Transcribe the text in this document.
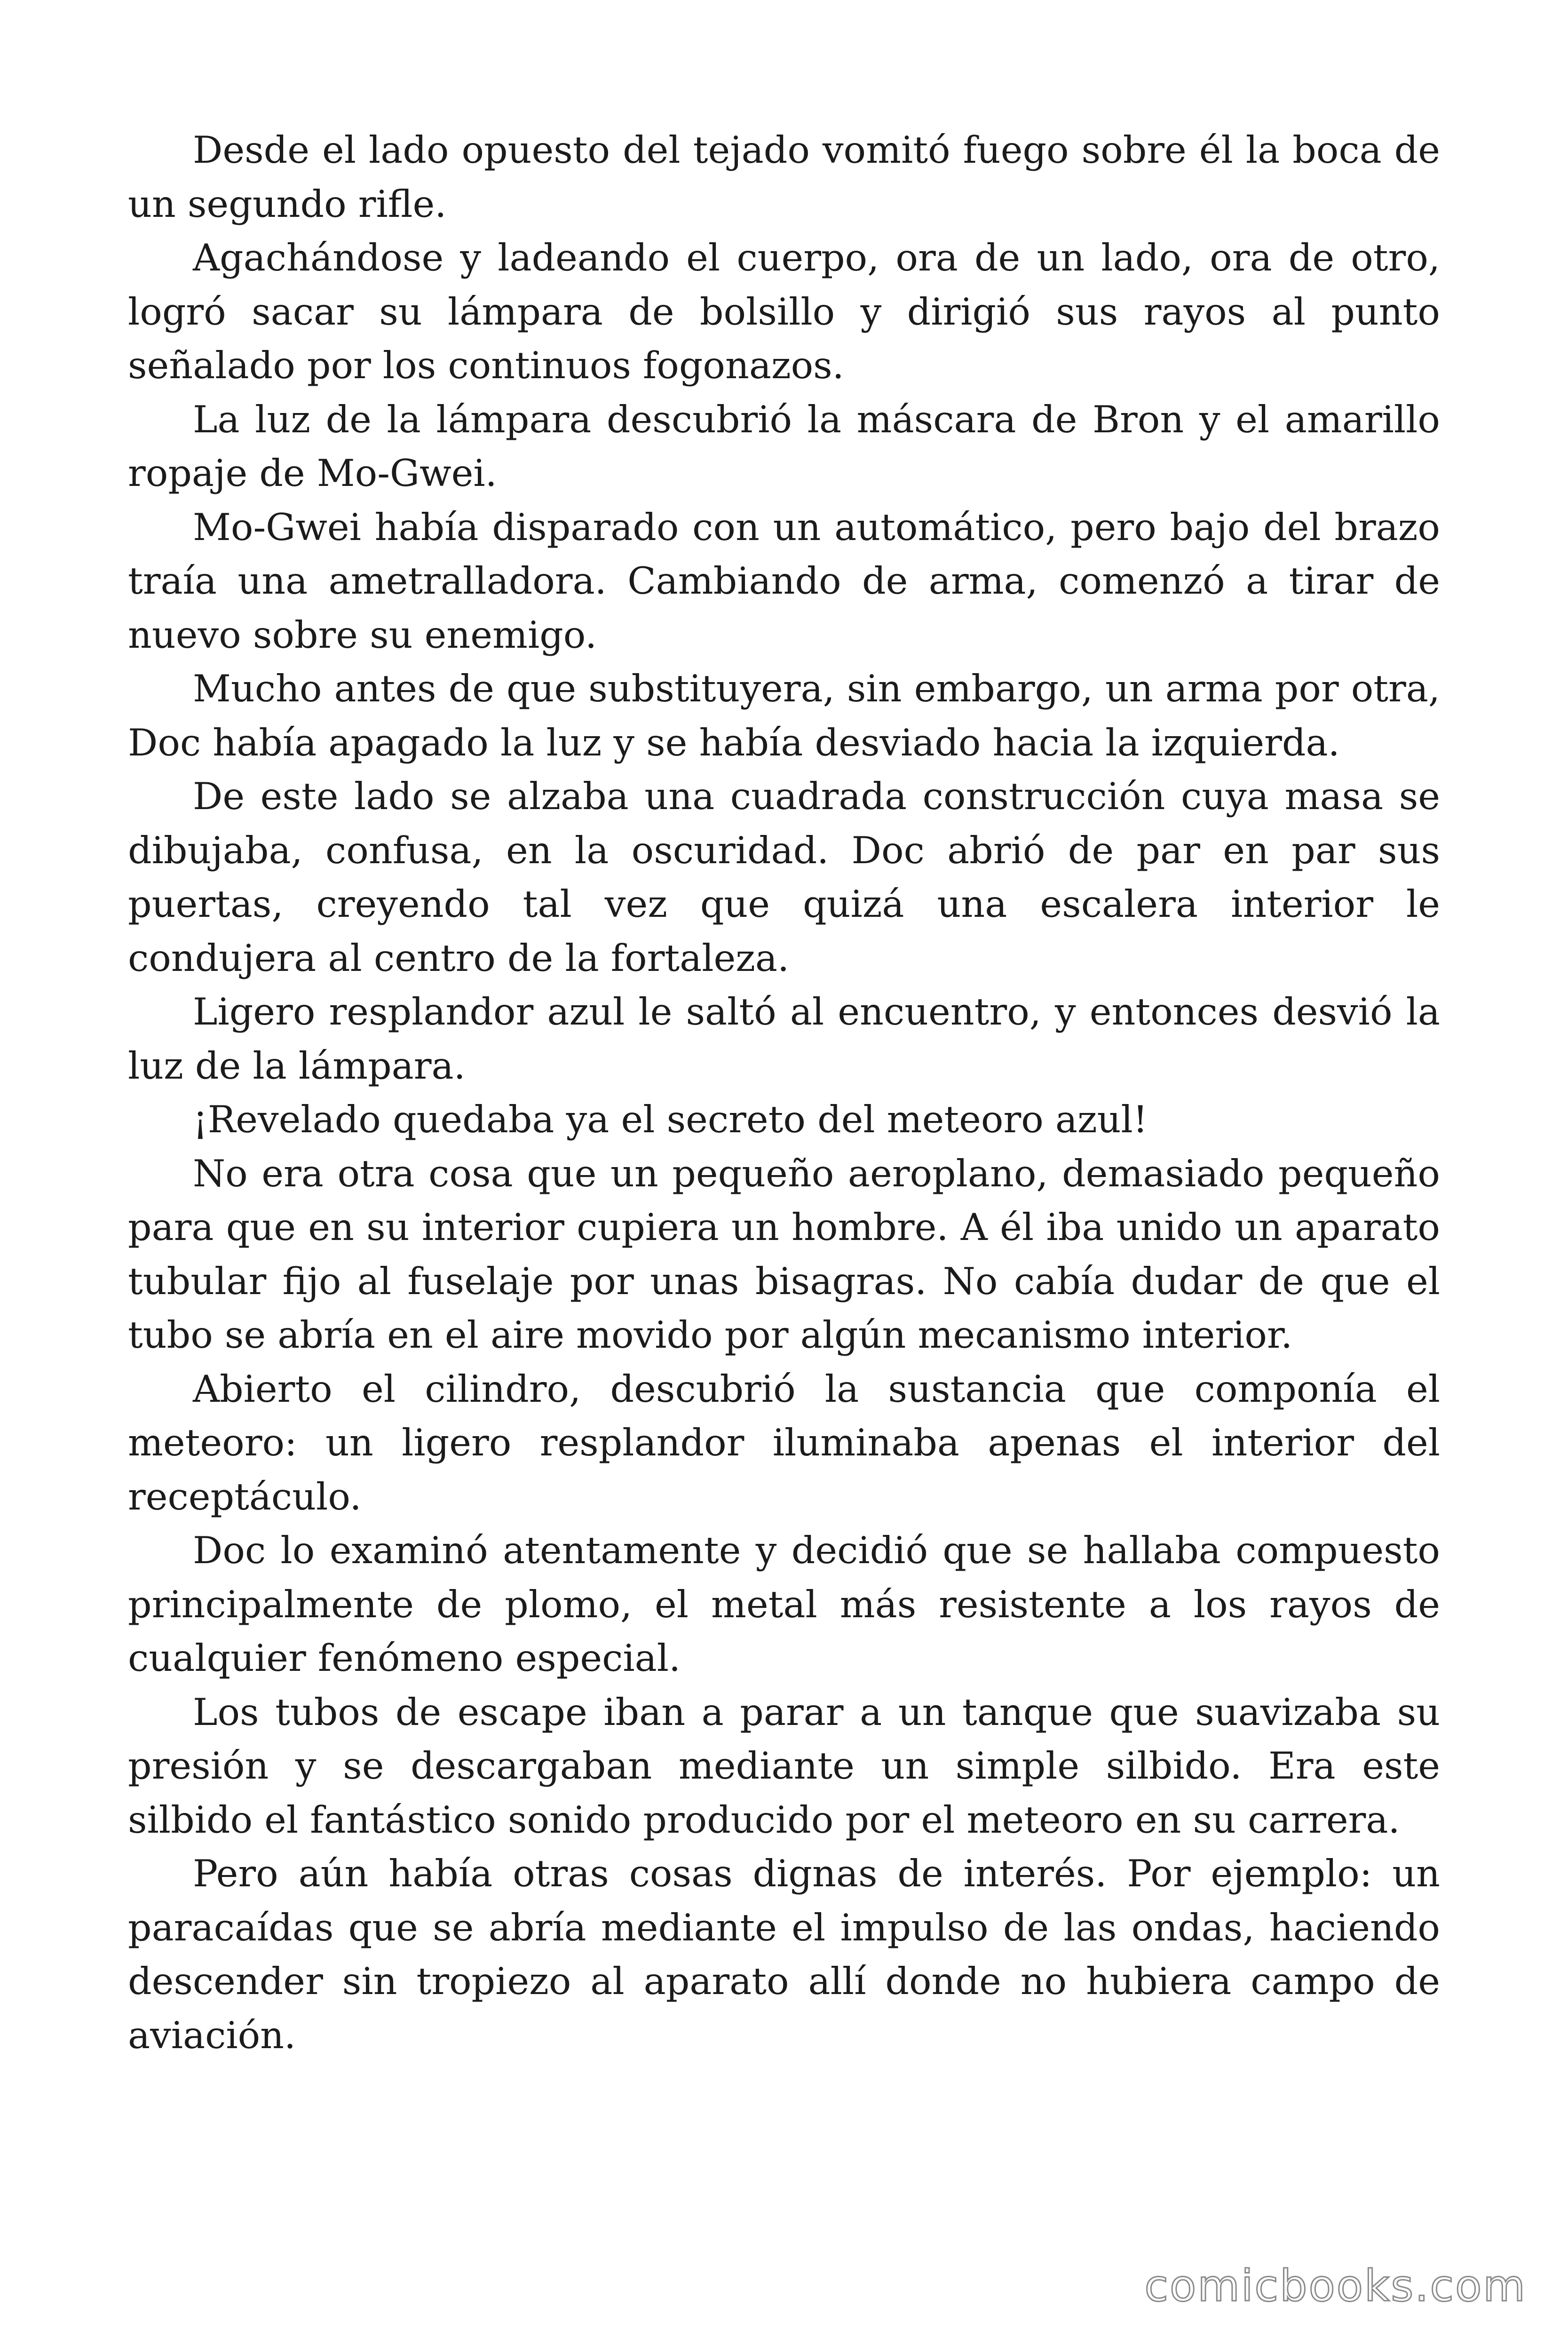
Desde el lado opuesto del tejado vomitó fuego sobre él la boca de un segundo rifle.

Agachándose y ladeando el cuerpo, ora de un lado, ora de otro, logró sacar su lámpara de bolsillo y dirigió sus rayos al punto señalado por los continuos fogonazos.

La luz de la lámpara descubrió la máscara de Bron y el amarillo ropaje de Mo-Gwei.

Mo-Gwei había disparado con un automático, pero bajo del brazo traía una ametralladora. Cambiando de arma, comenzó a tirar de nuevo sobre su enemigo.

Mucho antes de que substituyera, sin embargo, un arma por otra, Doc había apagado la luz y se había desviado hacia la izquierda.

De este lado se alzaba una cuadrada construcción cuya masa se dibujaba, confusa, en la oscuridad. Doc abrió de par en par sus puertas, creyendo tal vez que quizá una escalera interior le condujera al centro de la fortaleza.

Ligero resplandor azul le saltó al encuentro, y entonces desvió la luz de la lámpara.

¡Revelado quedaba ya el secreto del meteoro azul!

No era otra cosa que un pequeño aeroplano, demasiado pequeño para que en su interior cupiera un hombre. A él iba unido un aparato tubular fijo al fuselaje por unas bisagras. No cabía dudar de que el tubo se abría en el aire movido por algún mecanismo interior.

Abierto el cilindro, descubrió la sustancia que componía el meteoro: un ligero resplandor iluminaba apenas el interior del receptáculo.

Doc lo examinó atentamente y decidió que se hallaba compuesto principalmente de plomo, el metal más resistente a los rayos de cualquier fenómeno especial.

Los tubos de escape iban a parar a un tanque que suavizaba su presión y se descargaban mediante un simple silbido. Era este silbido el fantástico sonido producido por el meteoro en su carrera.

Pero aún había otras cosas dignas de interés. Por ejemplo: un paracaídas que se abría mediante el impulso de las ondas, haciendo descender sin tropiezo al aparato allí donde no hubiera campo de aviación.

comicbooks.com
